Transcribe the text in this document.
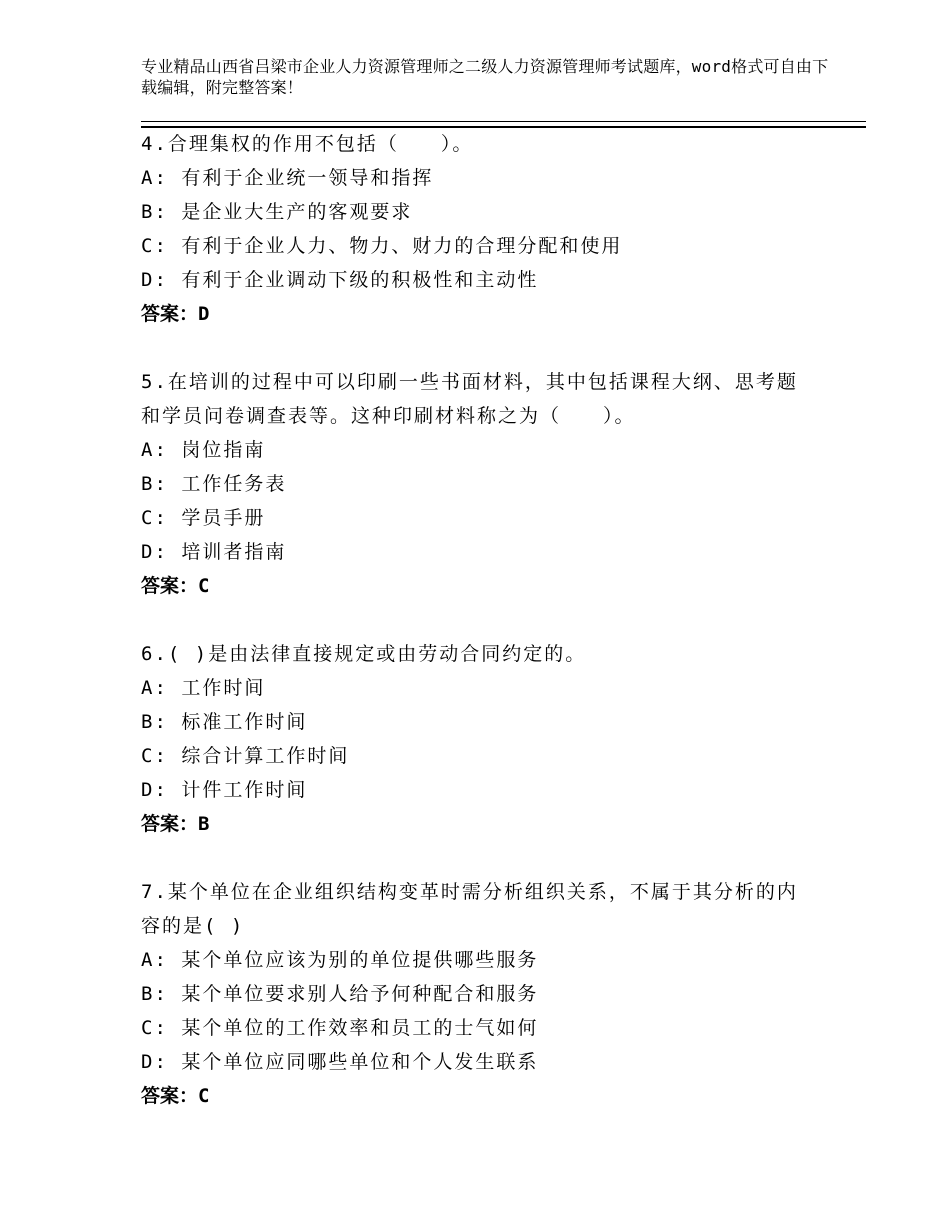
专业精品山西省吕梁市企业人力资源管理师之二级人力资源管理师考试题库，word格式可自由下载编辑，附完整答案！
4.合理集权的作用不包括（　　）。
A: 有利于企业统一领导和指挥
B: 是企业大生产的客观要求
C: 有利于企业人力、物力、财力的合理分配和使用
D: 有利于企业调动下级的积极性和主动性
答案：D
5.在培训的过程中可以印刷一些书面材料，其中包括课程大纲、思考题和学员问卷调查表等。这种印刷材料称之为（　　）。
A: 岗位指南
B: 工作任务表
C: 学员手册
D: 培训者指南
答案：C
6.( )是由法律直接规定或由劳动合同约定的。
A: 工作时间
B: 标准工作时间
C: 综合计算工作时间
D: 计件工作时间
答案：B
7.某个单位在企业组织结构变革时需分析组织关系，不属于其分析的内容的是( )
A: 某个单位应该为别的单位提供哪些服务
B: 某个单位要求别人给予何种配合和服务
C: 某个单位的工作效率和员工的士气如何
D: 某个单位应同哪些单位和个人发生联系
答案：C
